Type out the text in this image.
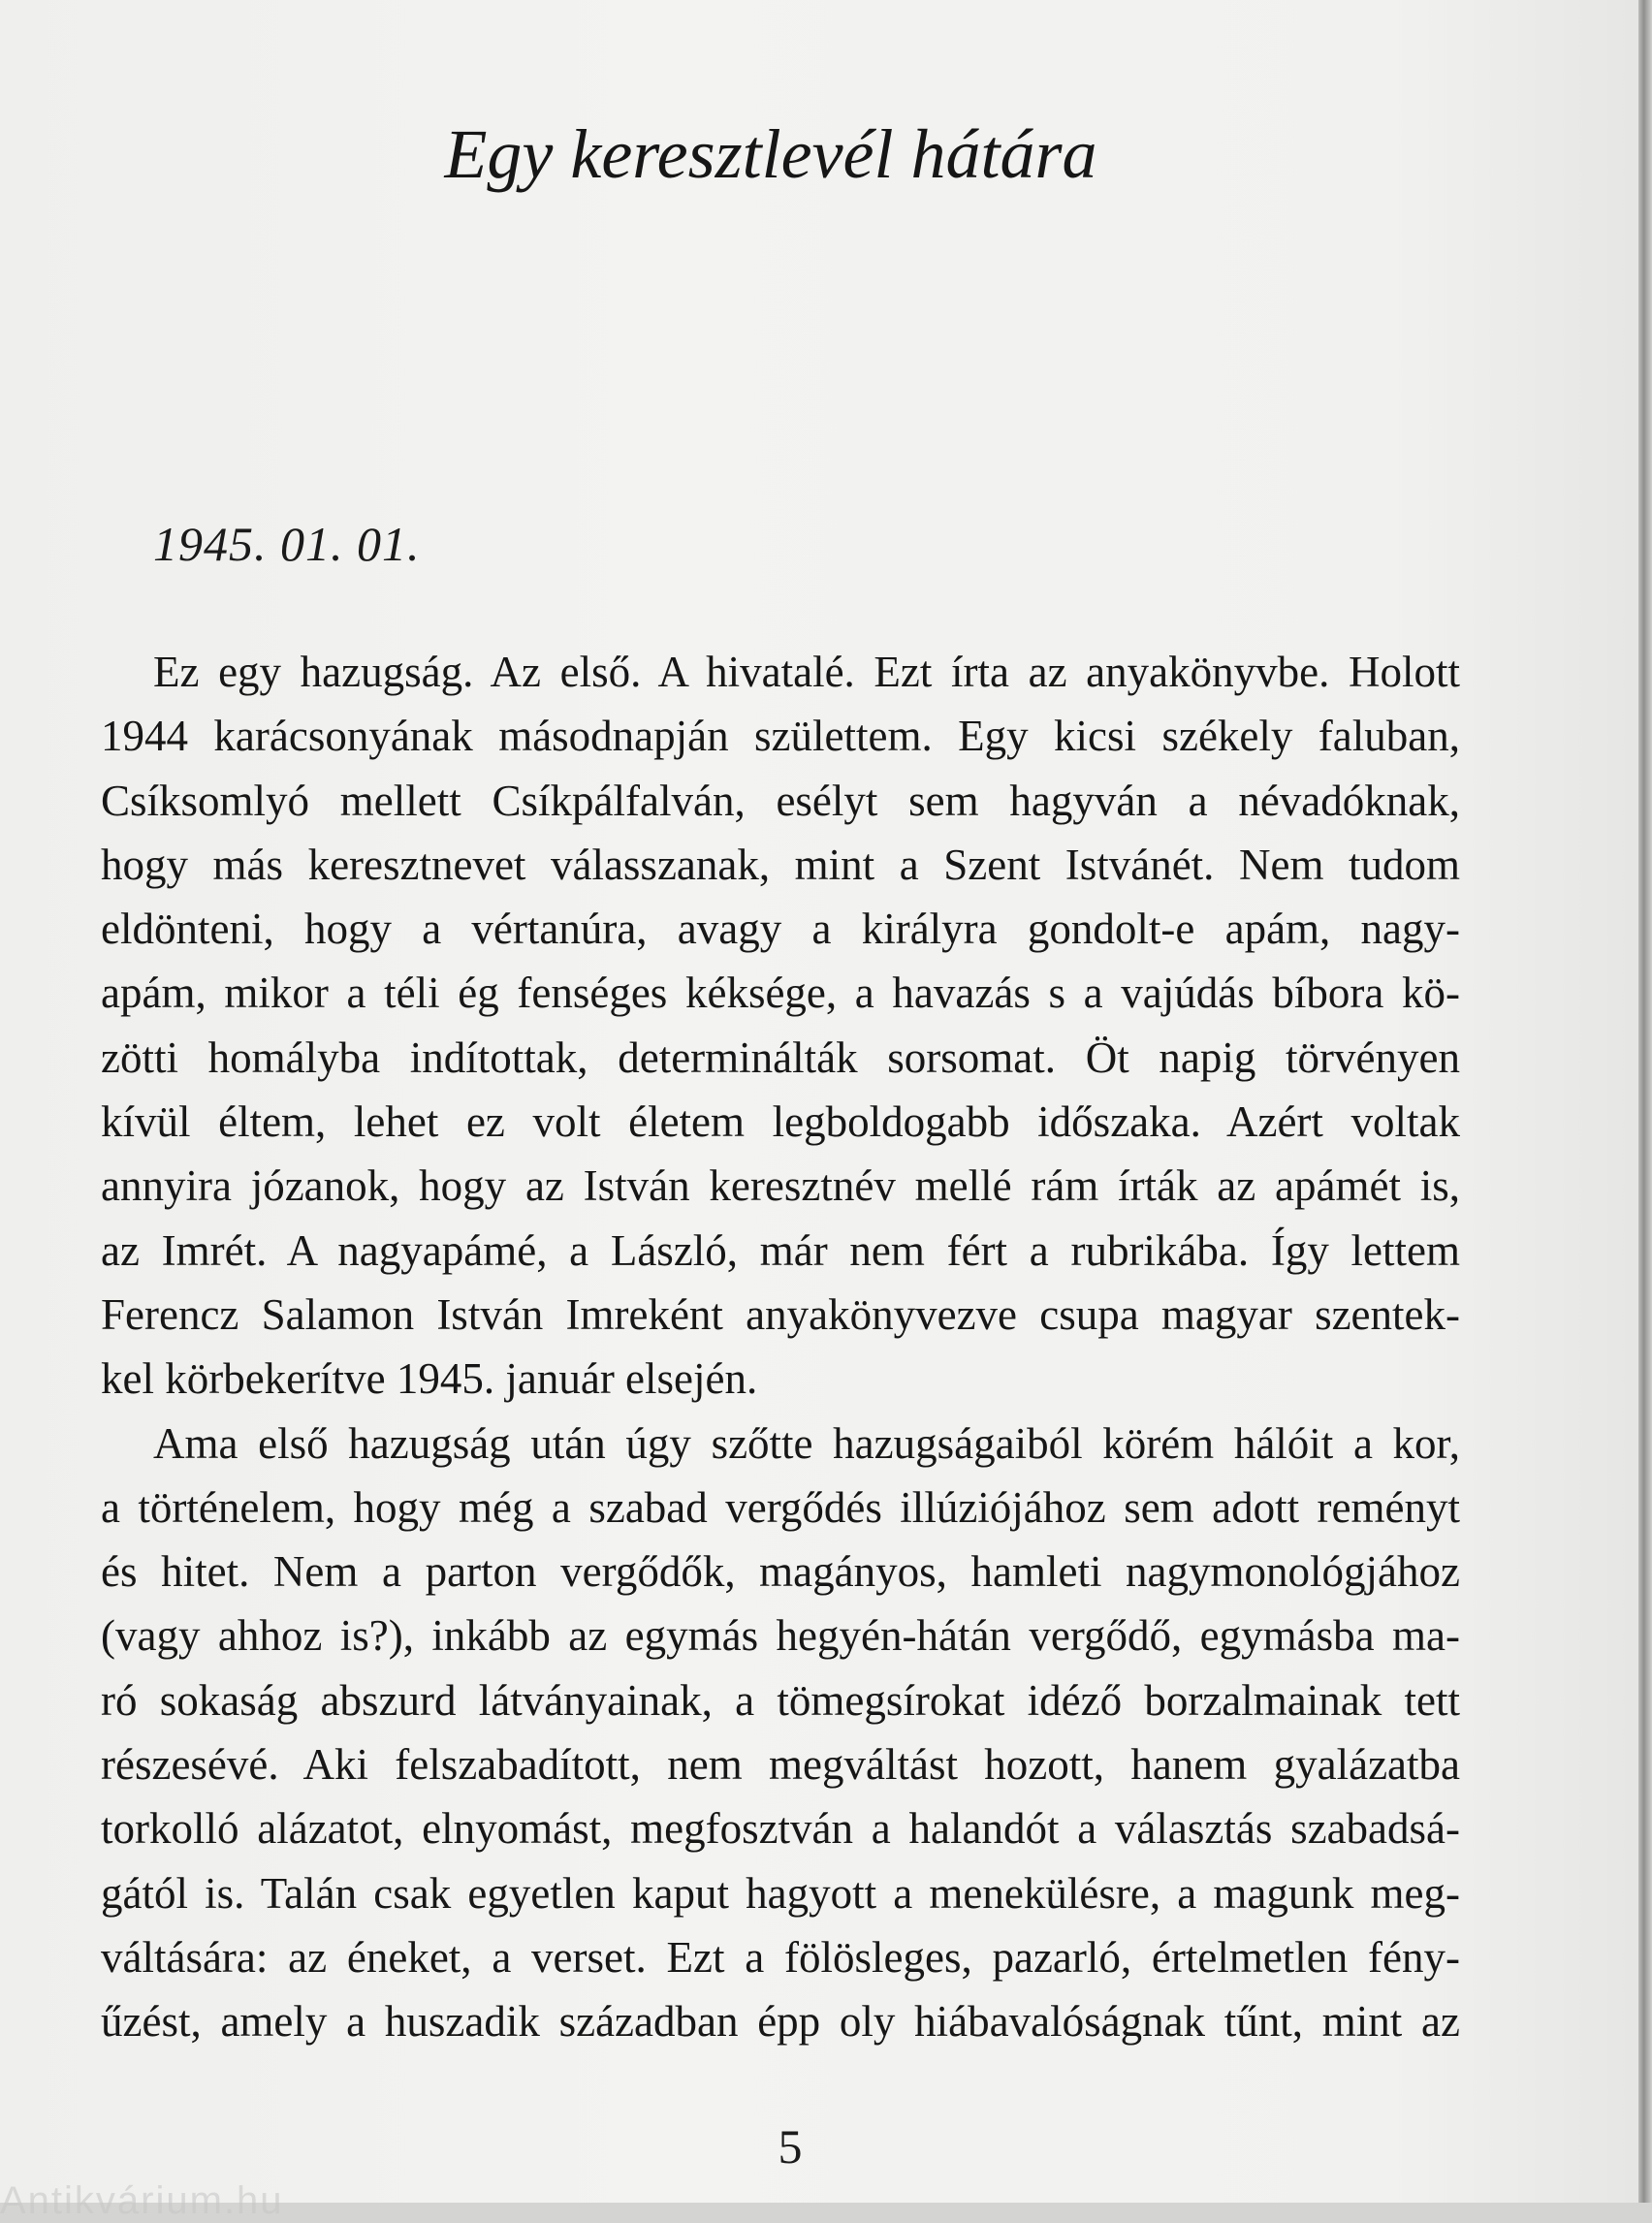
Egy keresztlevél hátára
1945. 01. 01.
Ez egy hazugság. Az első. A hivatalé. Ezt írta az anyakönyvbe. Holott
1944 karácsonyának másodnapján születtem. Egy kicsi székely faluban,
Csíksomlyó mellett Csíkpálfalván, esélyt sem hagyván a névadóknak,
hogy más keresztnevet válasszanak, mint a Szent Istvánét. Nem tudom
eldönteni, hogy a vértanúra, avagy a királyra gondolt-e apám, nagy-
apám, mikor a téli ég fenséges kéksége, a havazás s a vajúdás bíbora kö-
zötti homályba indítottak, determinálták sorsomat. Öt napig törvényen
kívül éltem, lehet ez volt életem legboldogabb időszaka. Azért voltak
annyira józanok, hogy az István keresztnév mellé rám írták az apámét is,
az Imrét. A nagyapámé, a László, már nem fért a rubrikába. Így lettem
Ferencz Salamon István Imreként anyakönyvezve csupa magyar szentek-
kel körbekerítve 1945. január elsején.
Ama első hazugság után úgy szőtte hazugságaiból körém hálóit a kor,
a történelem, hogy még a szabad vergődés illúziójához sem adott reményt
és hitet. Nem a parton vergődők, magányos, hamleti nagymonológjához
(vagy ahhoz is?), inkább az egymás hegyén-hátán vergődő, egymásba ma-
ró sokaság abszurd látványainak, a tömegsírokat idéző borzalmainak tett
részesévé. Aki felszabadított, nem megváltást hozott, hanem gyalázatba
torkolló alázatot, elnyomást, megfosztván a halandót a választás szabadsá-
gától is. Talán csak egyetlen kaput hagyott a menekülésre, a magunk meg-
váltására: az éneket, a verset. Ezt a fölösleges, pazarló, értelmetlen fény-
űzést, amely a huszadik században épp oly hiábavalóságnak tűnt, mint az
5
Antikvárium.hu
